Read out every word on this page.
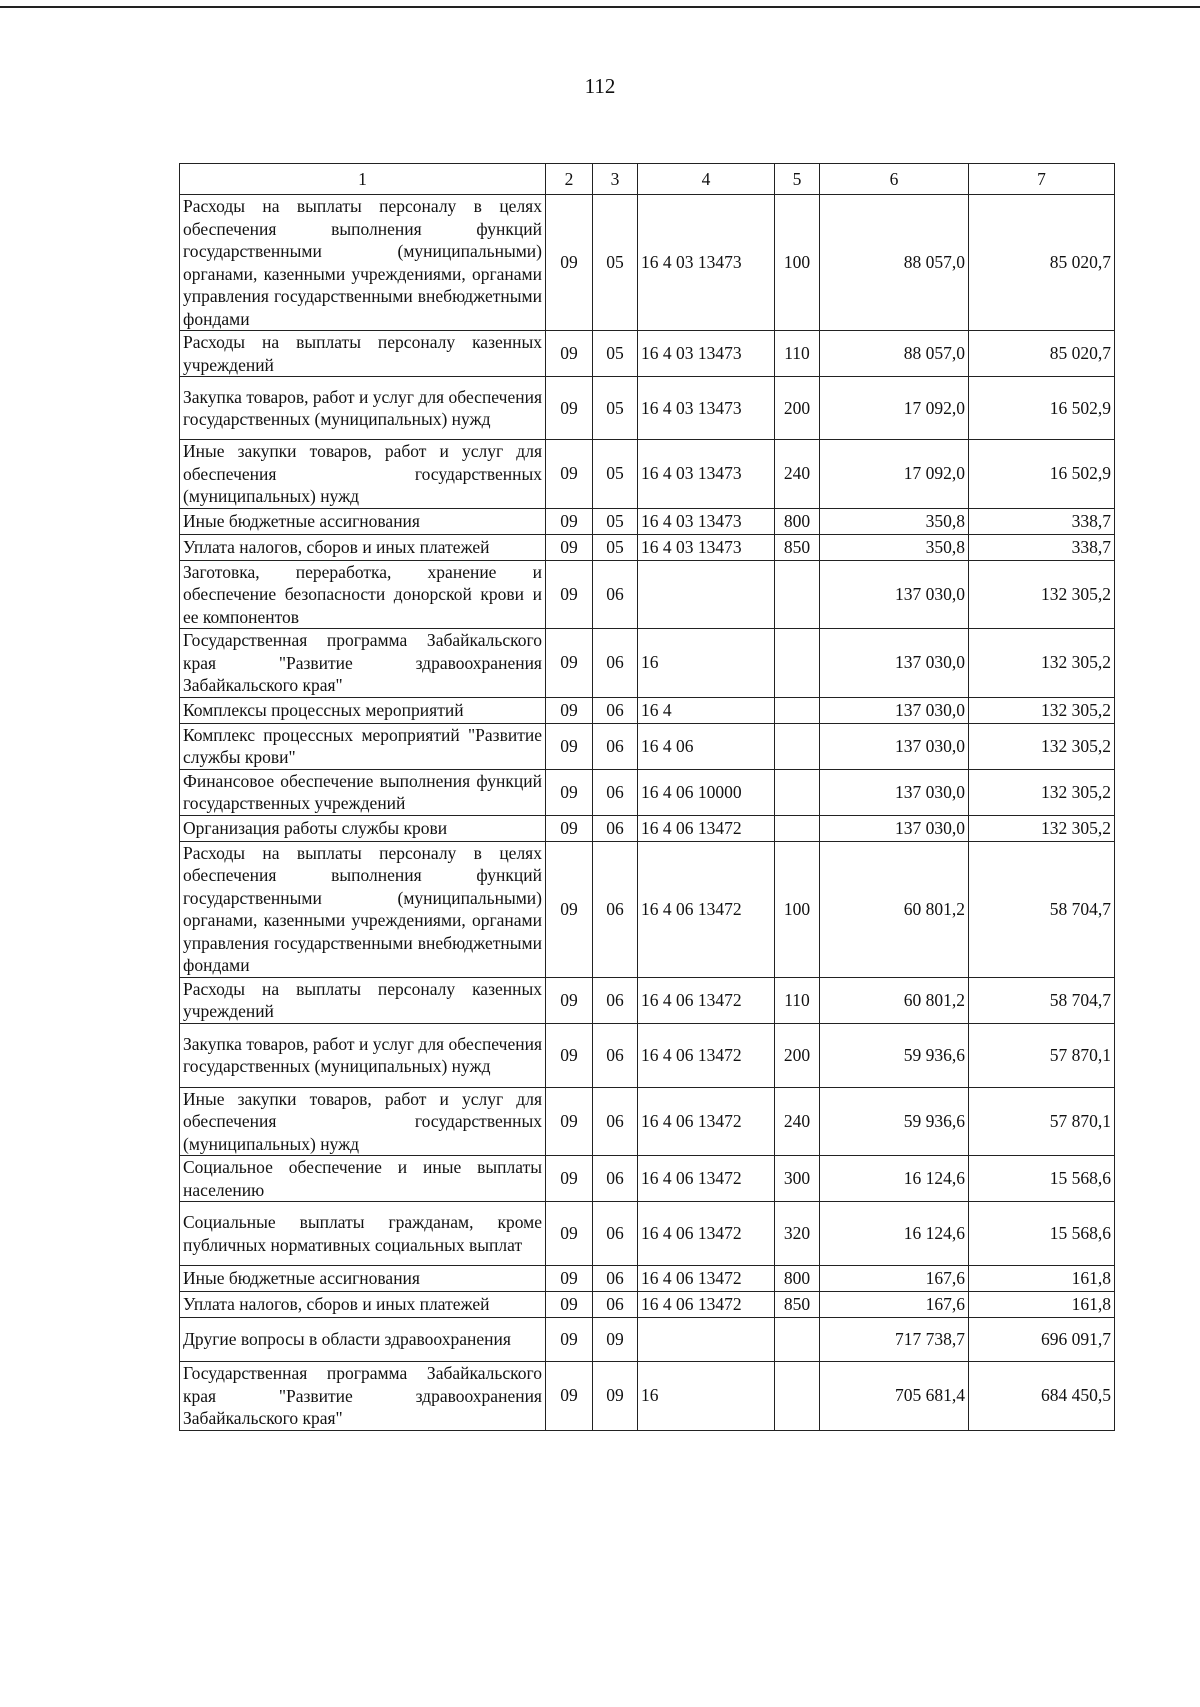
112
1	2	3	4	5	6	7
Расходы на выплаты персоналу в целях обеспечения выполнения функций государственными (муниципальными) органами, казенными учреждениями, органами управления государственными внебюджетными фондами	09	05	16 4 03 13473	100	88 057,0	85 020,7
Расходы на выплаты персоналу казенных учреждений	09	05	16 4 03 13473	110	88 057,0	85 020,7
Закупка товаров, работ и услуг для обеспечения государственных (муниципальных) нужд	09	05	16 4 03 13473	200	17 092,0	16 502,9
Иные закупки товаров, работ и услуг для обеспечения государственных (муниципальных) нужд	09	05	16 4 03 13473	240	17 092,0	16 502,9
Иные бюджетные ассигнования	09	05	16 4 03 13473	800	350,8	338,7
Уплата налогов, сборов и иных платежей	09	05	16 4 03 13473	850	350,8	338,7
Заготовка, переработка, хранение и обеспечение безопасности донорской крови и ее компонентов	09	06			137 030,0	132 305,2
Государственная программа Забайкальского края "Развитие здравоохранения Забайкальского края"	09	06	16		137 030,0	132 305,2
Комплексы процессных мероприятий	09	06	16 4		137 030,0	132 305,2
Комплекс процессных мероприятий "Развитие службы крови"	09	06	16 4 06		137 030,0	132 305,2
Финансовое обеспечение выполнения функций государственных учреждений	09	06	16 4 06 10000		137 030,0	132 305,2
Организация работы службы крови	09	06	16 4 06 13472		137 030,0	132 305,2
Расходы на выплаты персоналу в целях обеспечения выполнения функций государственными (муниципальными) органами, казенными учреждениями, органами управления государственными внебюджетными фондами	09	06	16 4 06 13472	100	60 801,2	58 704,7
Расходы на выплаты персоналу казенных учреждений	09	06	16 4 06 13472	110	60 801,2	58 704,7
Закупка товаров, работ и услуг для обеспечения государственных (муниципальных) нужд	09	06	16 4 06 13472	200	59 936,6	57 870,1
Иные закупки товаров, работ и услуг для обеспечения государственных (муниципальных) нужд	09	06	16 4 06 13472	240	59 936,6	57 870,1
Социальное обеспечение и иные выплаты населению	09	06	16 4 06 13472	300	16 124,6	15 568,6
Социальные выплаты гражданам, кроме публичных нормативных социальных выплат	09	06	16 4 06 13472	320	16 124,6	15 568,6
Иные бюджетные ассигнования	09	06	16 4 06 13472	800	167,6	161,8
Уплата налогов, сборов и иных платежей	09	06	16 4 06 13472	850	167,6	161,8
Другие вопросы в области здравоохранения	09	09			717 738,7	696 091,7
Государственная программа Забайкальского края "Развитие здравоохранения Забайкальского края"	09	09	16		705 681,4	684 450,5
